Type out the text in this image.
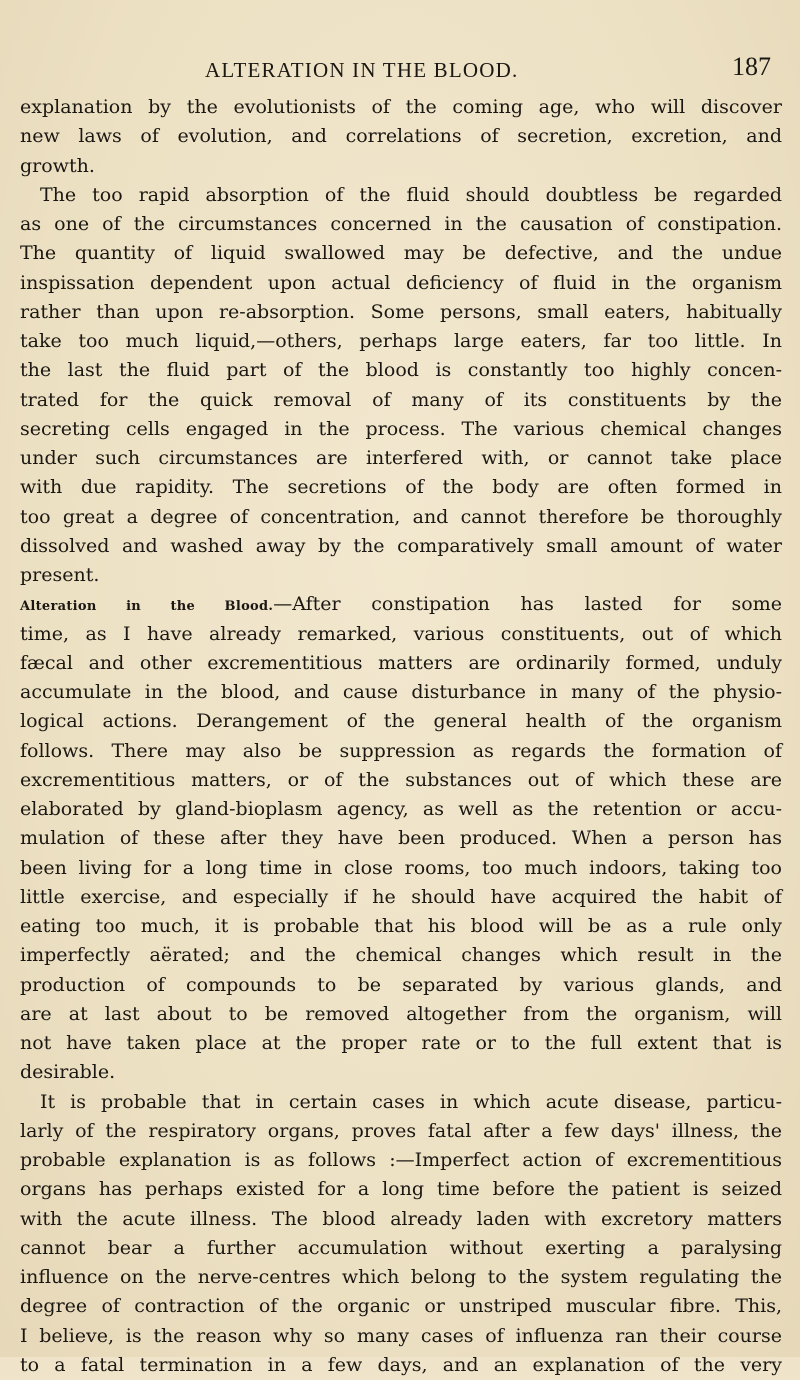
ALTERATION IN THE BLOOD.	187
explanation by the evolutionists of the coming age, who will discover
new laws of evolution, and correlations of secretion, excretion, and
growth.
The too rapid absorption of the fluid should doubtless be regarded
as one of the circumstances concerned in the causation of constipation.
The quantity of liquid swallowed may be defective, and the undue
inspissation dependent upon actual deficiency of fluid in the organism
rather than upon re-absorption. Some persons, small eaters, habitually
take too much liquid,—others, perhaps large eaters, far too little. In
the last the fluid part of the blood is constantly too highly concen-
trated for the quick removal of many of its constituents by the
secreting cells engaged in the process. The various chemical changes
under such circumstances are interfered with, or cannot take place
with due rapidity. The secretions of the body are often formed in
too great a degree of concentration, and cannot therefore be thoroughly
dissolved and washed away by the comparatively small amount of water
present.
Alteration in the Blood.—After constipation has lasted for some
time, as I have already remarked, various constituents, out of which
fæcal and other excrementitious matters are ordinarily formed, unduly
accumulate in the blood, and cause disturbance in many of the physio-
logical actions. Derangement of the general health of the organism
follows. There may also be suppression as regards the formation of
excrementitious matters, or of the substances out of which these are
elaborated by gland-bioplasm agency, as well as the retention or accu-
mulation of these after they have been produced. When a person has
been living for a long time in close rooms, too much indoors, taking too
little exercise, and especially if he should have acquired the habit of
eating too much, it is probable that his blood will be as a rule only
imperfectly aërated; and the chemical changes which result in the
production of compounds to be separated by various glands, and
are at last about to be removed altogether from the organism, will
not have taken place at the proper rate or to the full extent that is
desirable.
It is probable that in certain cases in which acute disease, particu-
larly of the respiratory organs, proves fatal after a few days' illness, the
probable explanation is as follows :—Imperfect action of excrementitious
organs has perhaps existed for a long time before the patient is seized
with the acute illness. The blood already laden with excretory matters
cannot bear a further accumulation without exerting a paralysing
influence on the nerve-centres which belong to the system regulating the
degree of contraction of the organic or unstriped muscular fibre. This,
I believe, is the reason why so many cases of influenza ran their course
to a fatal termination in a few days, and an explanation of the very
